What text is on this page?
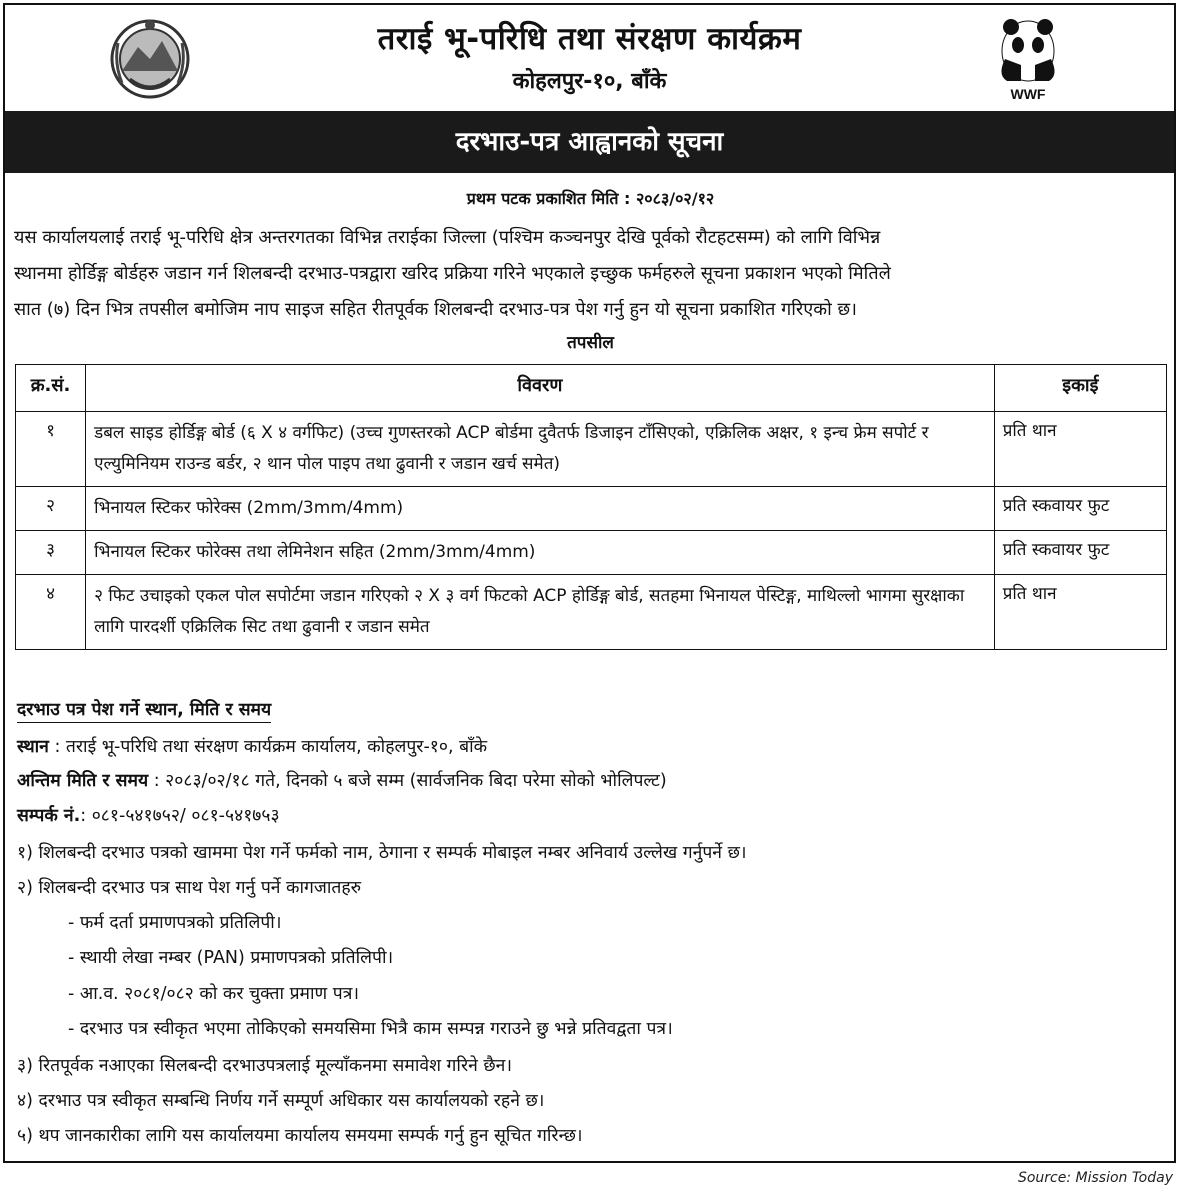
तराई भू-परिधि तथा संरक्षण कार्यक्रम
कोहलपुर-१०, बाँके	WWF
दरभाउ-पत्र आह्वानको सूचना
प्रथम पटक प्रकाशित मिति : २०८३/०२/१२
यस कार्यालयलाई तराई भू-परिधि क्षेत्र अन्तरगतका विभिन्न तराईका जिल्ला (पश्चिम कञ्चनपुर देखि पूर्वको रौटहटसम्म) को लागि विभिन्न
स्थानमा होर्डिङ्ग बोर्डहरु जडान गर्न शिलबन्दी दरभाउ-पत्रद्वारा खरिद प्रक्रिया गरिने भएकाले इच्छुक फर्महरुले सूचना प्रकाशन भएको मितिले
सात (७) दिन भित्र तपसील बमोजिम नाप साइज सहित रीतपूर्वक शिलबन्दी दरभाउ-पत्र पेश गर्नु हुन यो सूचना प्रकाशित गरिएको छ।
तपसील
क्र.सं.	विवरण	इकाई
१	डबल साइड होर्डिङ्ग बोर्ड (६ X ४ वर्गफिट) (उच्च गुणस्तरको ACP बोर्डमा दुवैतर्फ डिजाइन टाँसिएको, एक्रिलिक अक्षर, १ इन्च फ्रेम सपोर्ट र एल्युमिनियम राउन्ड बर्डर, २ थान पोल पाइप तथा ढुवानी र जडान खर्च समेत)	प्रति थान
२	भिनायल स्टिकर फोरेक्स (2mm/3mm/4mm)	प्रति स्कवायर फुट
३	भिनायल स्टिकर फोरेक्स तथा लेमिनेशन सहित (2mm/3mm/4mm)	प्रति स्कवायर फुट
४	२ फिट उचाइको एकल पोल सपोर्टमा जडान गरिएको २ X ३ वर्ग फिटको ACP होर्डिङ्ग बोर्ड, सतहमा भिनायल पेस्टिङ्ग, माथिल्लो भागमा सुरक्षाका लागि पारदर्शी एक्रिलिक सिट तथा ढुवानी र जडान समेत	प्रति थान
दरभाउ पत्र पेश गर्ने स्थान, मिति र समय
स्थान : तराई भू-परिधि तथा संरक्षण कार्यक्रम कार्यालय, कोहलपुर-१०, बाँके
अन्तिम मिति र समय : २०८३/०२/१८ गते, दिनको ५ बजे सम्म (सार्वजनिक बिदा परेमा सोको भोलिपल्ट)
सम्पर्क नं.: ०८१-५४१७५२/ ०८१-५४१७५३
१) शिलबन्दी दरभाउ पत्रको खाममा पेश गर्ने फर्मको नाम, ठेगाना र सम्पर्क मोबाइल नम्बर अनिवार्य उल्लेख गर्नुपर्ने छ।
२) शिलबन्दी दरभाउ पत्र साथ पेश गर्नु पर्ने कागजातहरु
- फर्म दर्ता प्रमाणपत्रको प्रतिलिपी।
- स्थायी लेखा नम्बर (PAN) प्रमाणपत्रको प्रतिलिपी।
- आ.व. २०८१/०८२ को कर चुक्ता प्रमाण पत्र।
- दरभाउ पत्र स्वीकृत भएमा तोकिएको समयसिमा भित्रै काम सम्पन्न गराउने छु भन्ने प्रतिवद्वता पत्र।
३) रितपूर्वक नआएका सिलबन्दी दरभाउपत्रलाई मूल्याँकनमा समावेश गरिने छैन।
४) दरभाउ पत्र स्वीकृत सम्बन्धि निर्णय गर्ने सम्पूर्ण अधिकार यस कार्यालयको रहने छ।
५) थप जानकारीका लागि यस कार्यालयमा कार्यालय समयमा सम्पर्क गर्नु हुन सूचित गरिन्छ।
Source: Mission Today
